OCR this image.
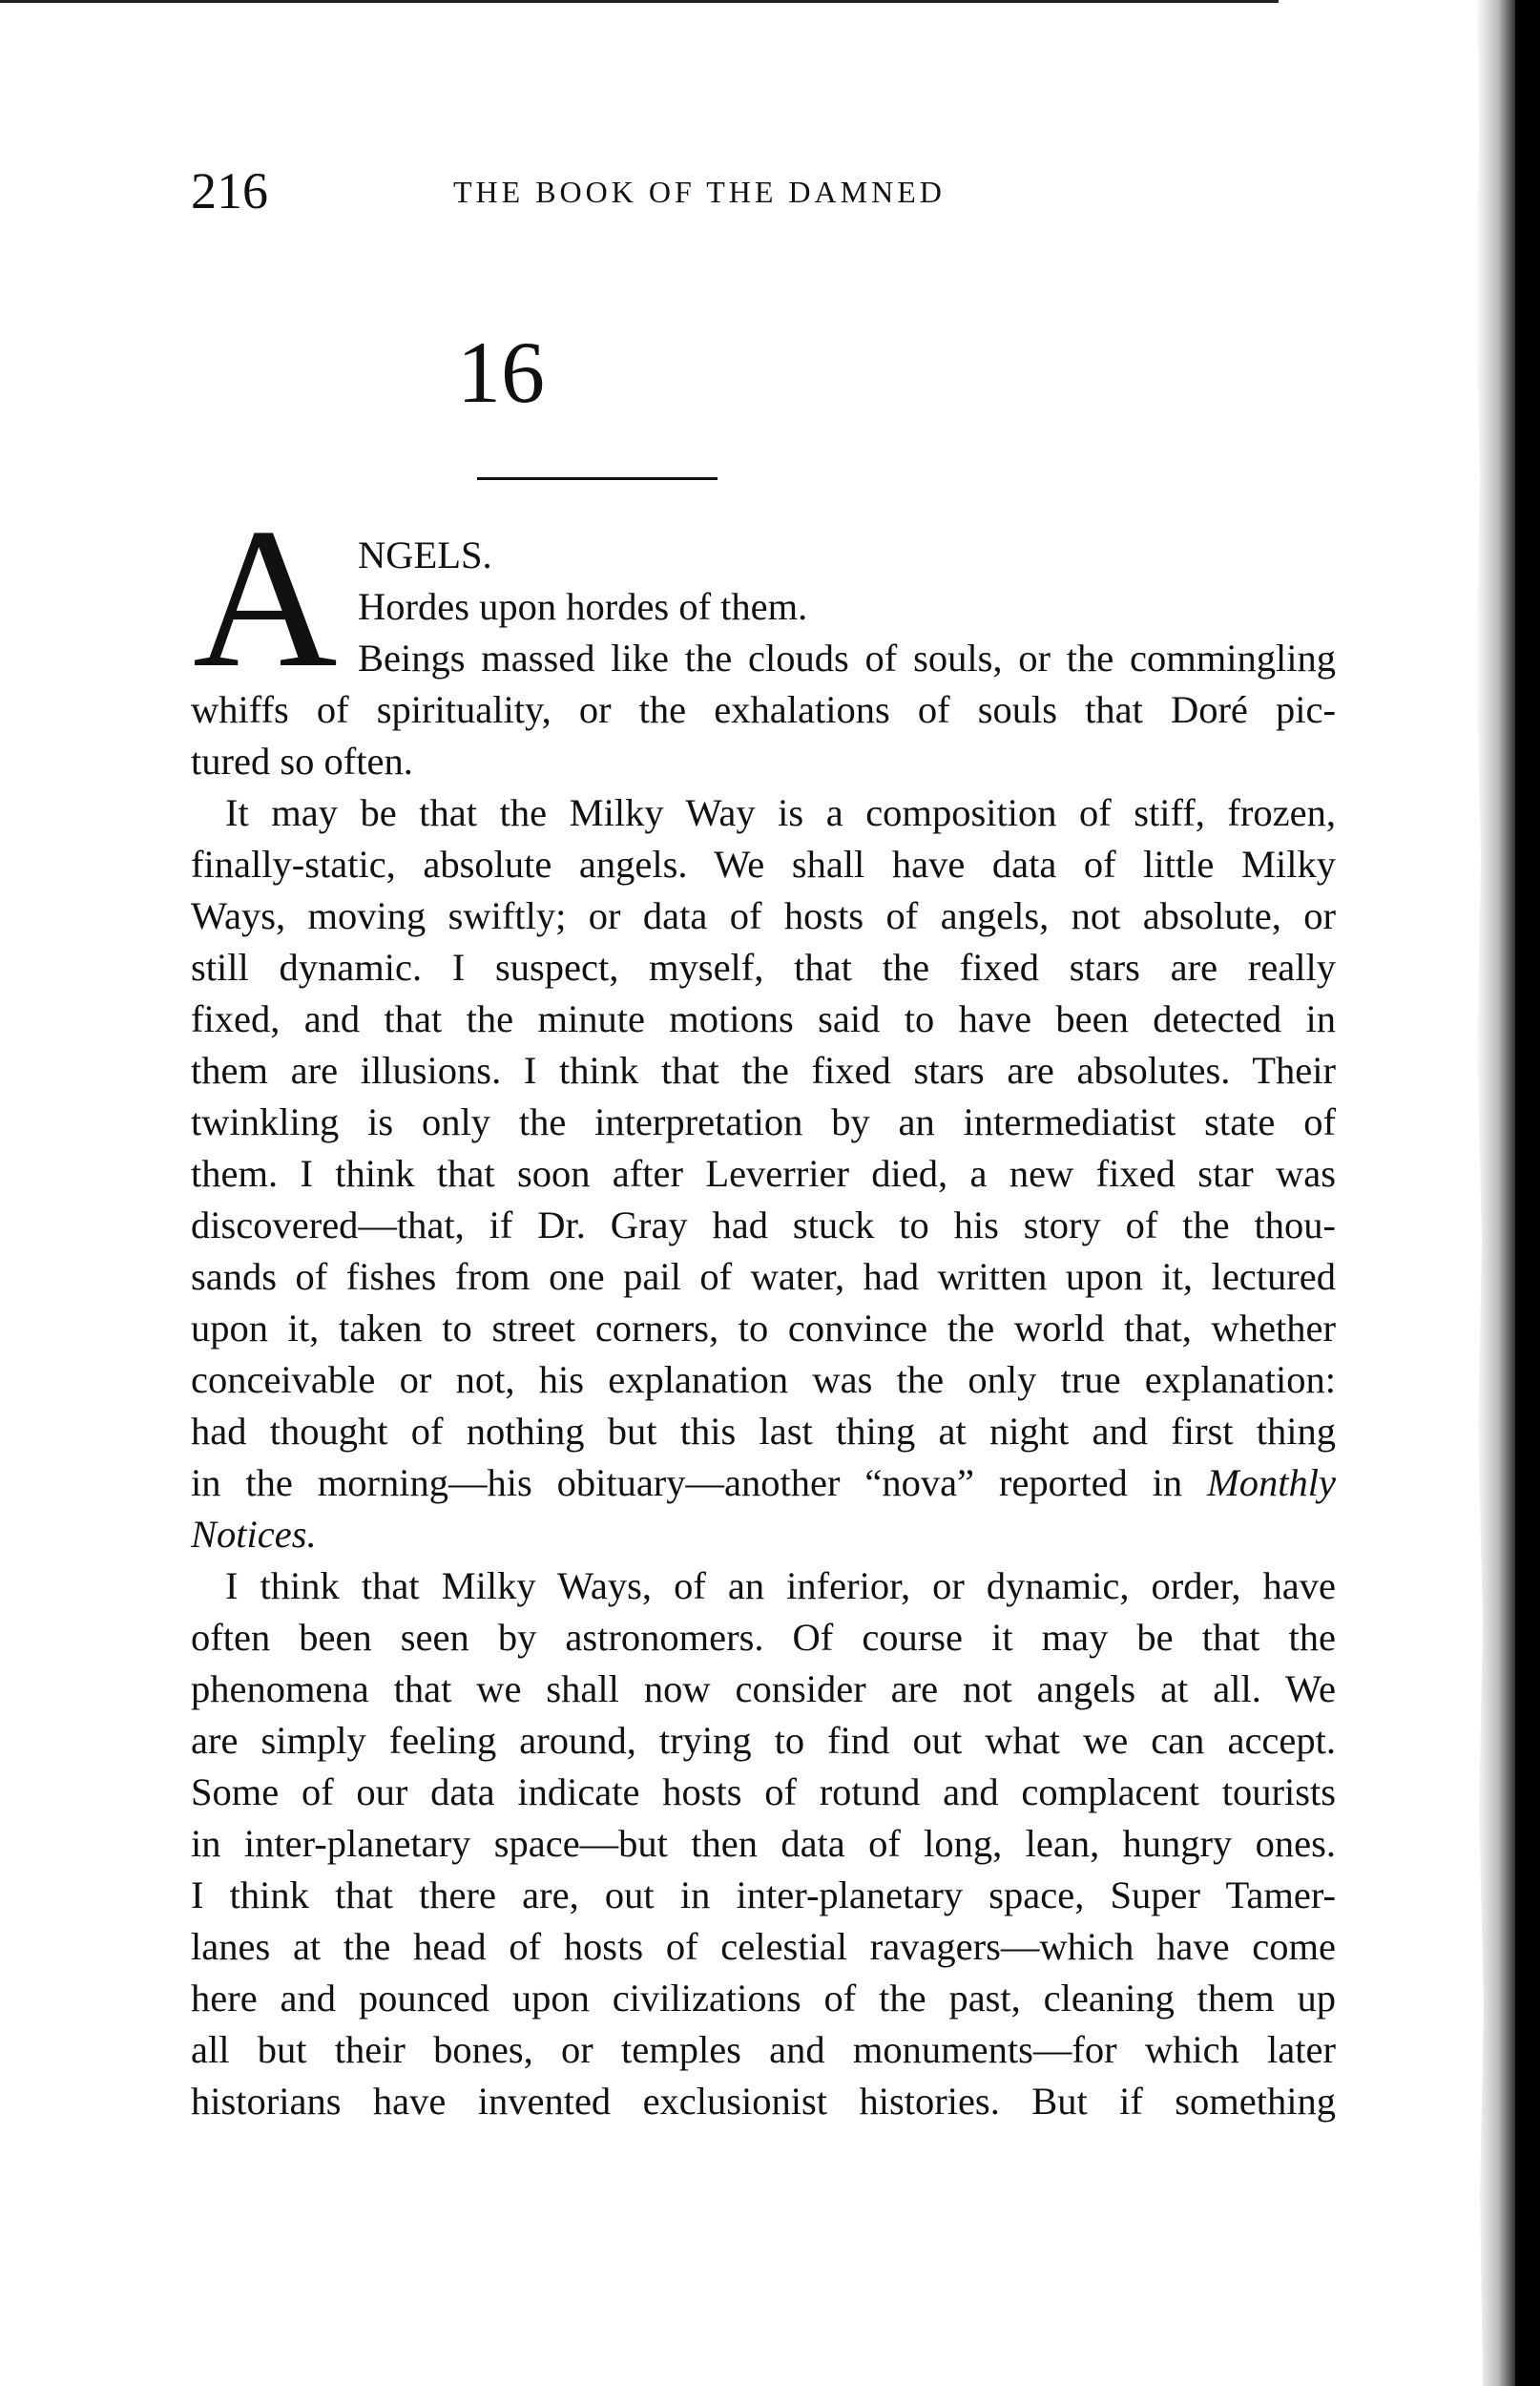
216	THE BOOK OF THE DAMNED
16
A NGELS.
Hordes upon hordes of them.
Beings massed like the clouds of souls, or the commingling
whiffs of spirituality, or the exhalations of souls that Doré pic-
tured so often.
It may be that the Milky Way is a composition of stiff, frozen,
finally-static, absolute angels. We shall have data of little Milky
Ways, moving swiftly; or data of hosts of angels, not absolute, or
still dynamic. I suspect, myself, that the fixed stars are really
fixed, and that the minute motions said to have been detected in
them are illusions. I think that the fixed stars are absolutes. Their
twinkling is only the interpretation by an intermediatist state of
them. I think that soon after Leverrier died, a new fixed star was
discovered—that, if Dr. Gray had stuck to his story of the thou-
sands of fishes from one pail of water, had written upon it, lectured
upon it, taken to street corners, to convince the world that, whether
conceivable or not, his explanation was the only true explanation:
had thought of nothing but this last thing at night and first thing
in the morning—his obituary—another “nova” reported in Monthly
Notices.
I think that Milky Ways, of an inferior, or dynamic, order, have
often been seen by astronomers. Of course it may be that the
phenomena that we shall now consider are not angels at all. We
are simply feeling around, trying to find out what we can accept.
Some of our data indicate hosts of rotund and complacent tourists
in inter-planetary space—but then data of long, lean, hungry ones.
I think that there are, out in inter-planetary space, Super Tamer-
lanes at the head of hosts of celestial ravagers—which have come
here and pounced upon civilizations of the past, cleaning them up
all but their bones, or temples and monuments—for which later
historians have invented exclusionist histories. But if something
